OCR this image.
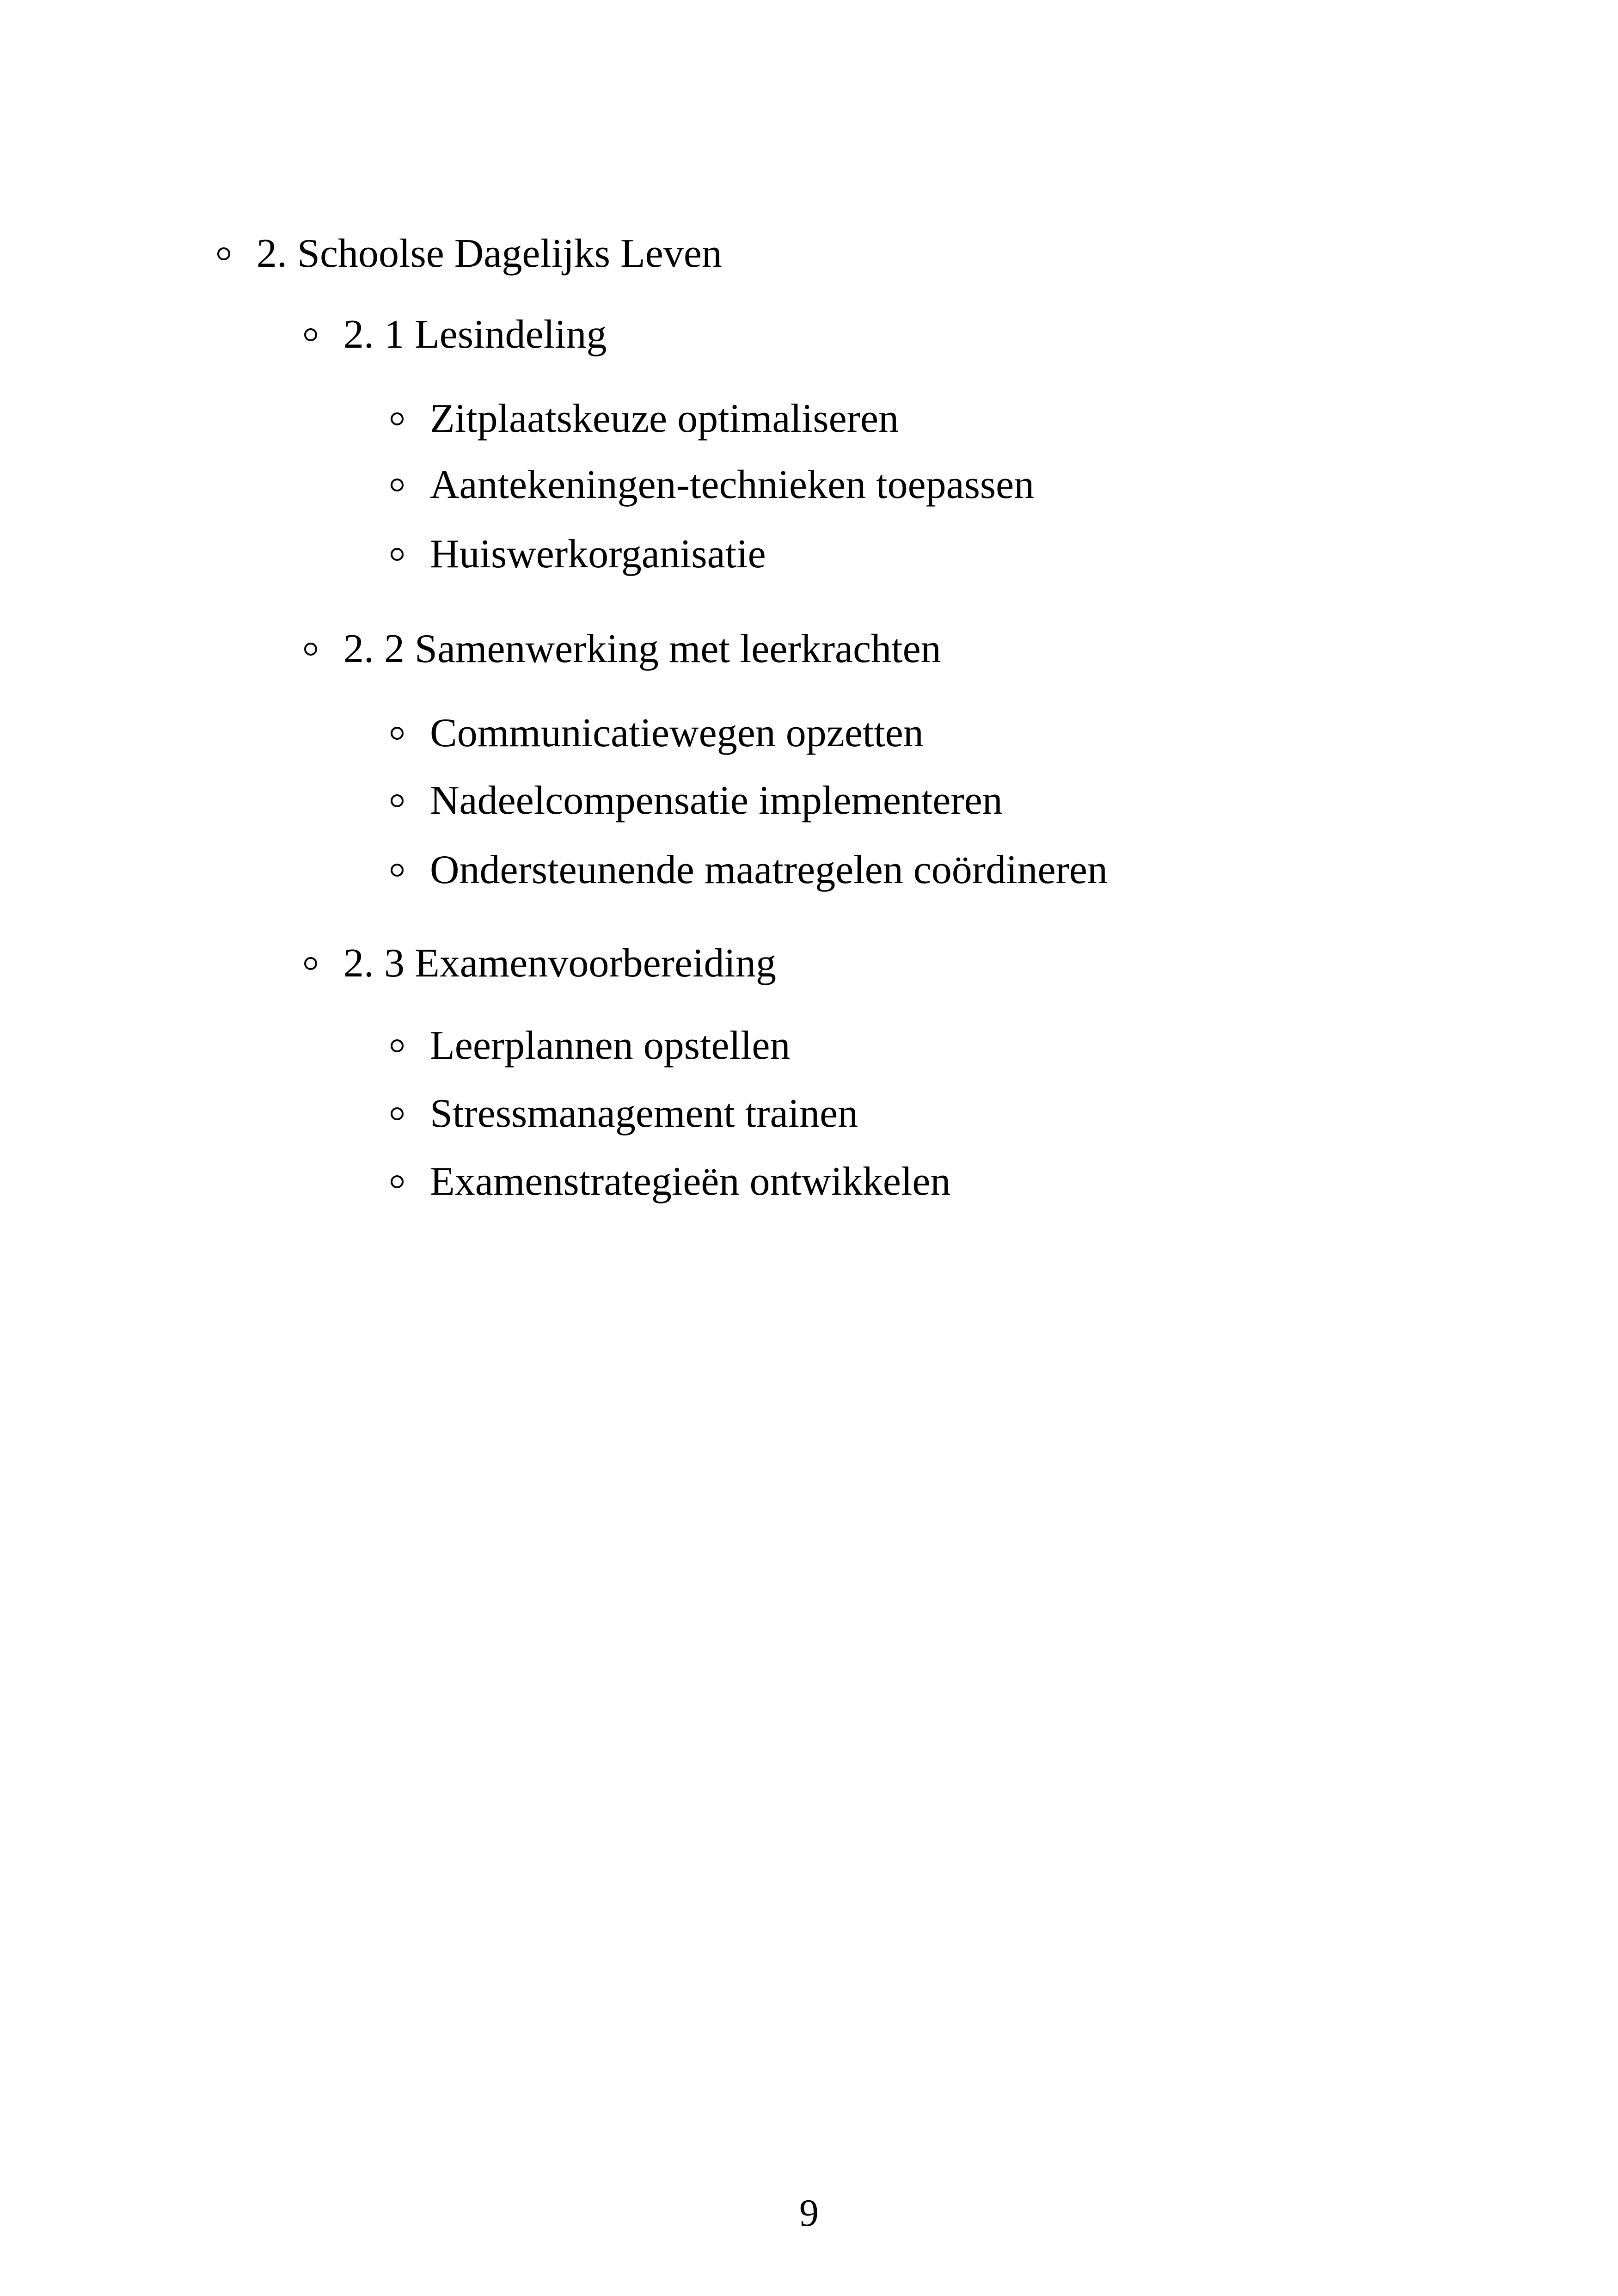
2. Schoolse Dagelijks Leven
2. 1 Lesindeling
Zitplaatskeuze optimaliseren
Aantekeningen-technieken toepassen
Huiswerkorganisatie
2. 2 Samenwerking met leerkrachten
Communicatiewegen opzetten
Nadeelcompensatie implementeren
Ondersteunende maatregelen coördineren
2. 3 Examenvoorbereiding
Leerplannen opstellen
Stressmanagement trainen
Examenstrategieën ontwikkelen
9
